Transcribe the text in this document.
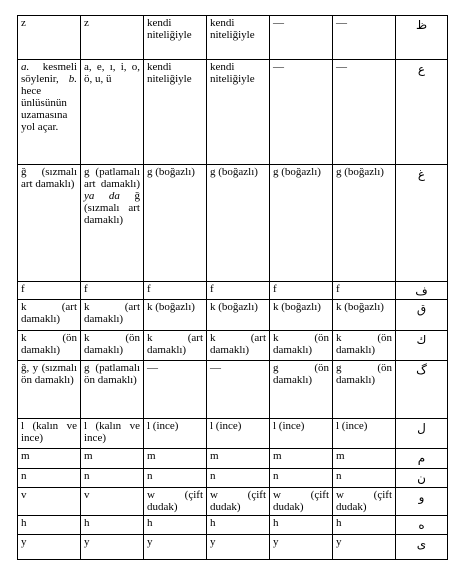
z	z	kendi niteliğiyle	kendi niteliğiyle	—	—	ظ
a. kesmeli söylenir, b. hece ünlüsünün uzamasına yol açar.	a, e, ı, i, o, ö, u, ü	kendi niteliğiyle	kendi niteliğiyle	—	—	ع
ğ (sızmalı art damaklı)	g (patlamalı art damaklı) ya da ğ (sızmalı art damaklı)	g (boğazlı)	g (boğazlı)	g (boğazlı)	g (boğazlı)	غ
f	f	f	f	f	f	ف
k (art damaklı)	k (art damaklı)	k (boğazlı)	k (boğazlı)	k (boğazlı)	k (boğazlı)	ق
k (ön damaklı)	k (ön damaklı)	k (art damaklı)	k (art damaklı)	k (ön damaklı)	k (ön damaklı)	ك
ğ, y (sızmalı ön damaklı)	g (patlamalı ön damaklı)	—	—	g (ön damaklı)	g (ön damaklı)	گ
l (kalın ve ince)	l (kalın ve ince)	l (ince)	l (ince)	l (ince)	l (ince)	ل
m	m	m	m	m	m	م
n	n	n	n	n	n	ن
v	v	w (çift dudak)	w (çift dudak)	w (çift dudak)	w (çift dudak)	و
h	h	h	h	h	h	ه
y	y	y	y	y	y	ى
